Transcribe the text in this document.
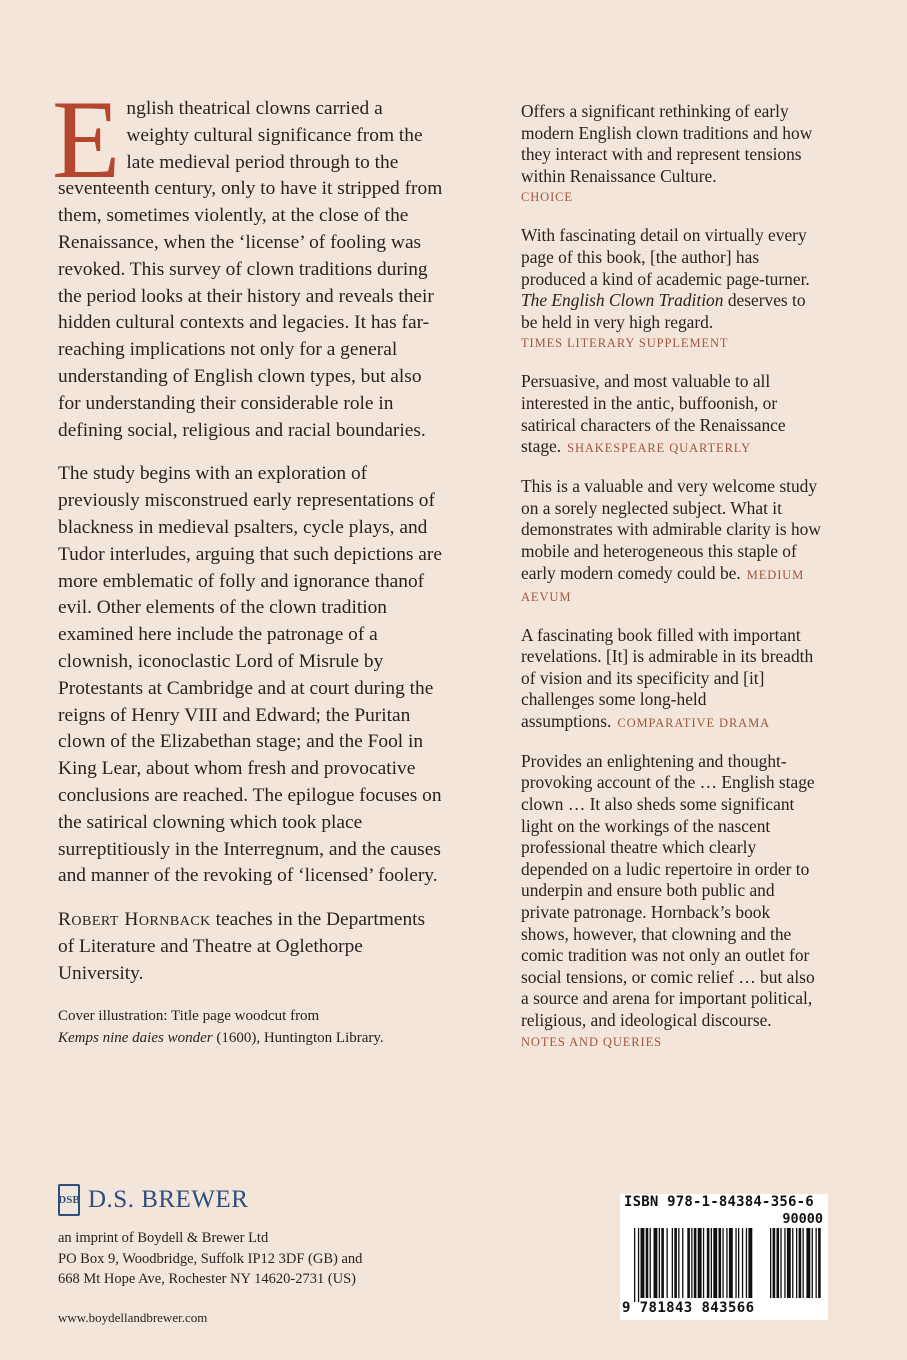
English theatrical clowns carried a weighty cultural significance from the late medieval period through to the seventeenth century, only to have it stripped from them, sometimes violently, at the close of the Renaissance, when the ‘license’ of fooling was revoked. This survey of clown traditions during the period looks at their history and reveals their hidden cultural contexts and legacies. It has far-reaching implications not only for a general understanding of English clown types, but also for understanding their considerable role in defining social, religious and racial boundaries.

The study begins with an exploration of previously misconstrued early representations of blackness in medieval psalters, cycle plays, and Tudor interludes, arguing that such depictions are more emblematic of folly and ignorance thanof evil. Other elements of the clown tradition examined here include the patronage of a clownish, iconoclastic Lord of Misrule by Protestants at Cambridge and at court during the reigns of Henry VIII and Edward; the Puritan clown of the Elizabethan stage; and the Fool in King Lear, about whom fresh and provocative conclusions are reached. The epilogue focuses on the satirical clowning which took place surreptitiously in the Interregnum, and the causes and manner of the revoking of ‘licensed’ foolery.

Robert Hornback teaches in the Departments of Literature and Theatre at Oglethorpe University.

Cover illustration: Title page woodcut from
Kemps nine daies wonder (1600), Huntington Library.

Offers a significant rethinking of early modern English clown traditions and how they interact with and represent tensions within Renaissance Culture.
CHOICE

With fascinating detail on virtually every page of this book, [the author] has produced a kind of academic page-turner. The English Clown Tradition deserves to be held in very high regard.
TIMES LITERARY SUPPLEMENT

Persuasive, and most valuable to all interested in the antic, buffoonish, or satirical characters of the Renaissance stage. SHAKESPEARE QUARTERLY

This is a valuable and very welcome study on a sorely neglected subject. What it demonstrates with admirable clarity is how mobile and heterogeneous this staple of early modern comedy could be. MEDIUM AEVUM

A fascinating book filled with important revelations. [It] is admirable in its breadth of vision and its specificity and [it] challenges some long-held assumptions. COMPARATIVE DRAMA

Provides an enlightening and thought-provoking account of the … English stage clown … It also sheds some significant light on the workings of the nascent professional theatre which clearly depended on a ludic repertoire in order to underpin and ensure both public and private patronage. Hornback’s book shows, however, that clowning and the comic tradition was not only an outlet for social tensions, or comic relief … but also a source and arena for important political, religious, and ideological discourse.
NOTES AND QUERIES

DSB D.S. BREWER
an imprint of Boydell & Brewer Ltd
PO Box 9, Woodbridge, Suffolk IP12 3DF (GB) and
668 Mt Hope Ave, Rochester NY 14620-2731 (US)
www.boydellandbrewer.com
ISBN 978-1-84384-356-6
90000
9 781843 843566
